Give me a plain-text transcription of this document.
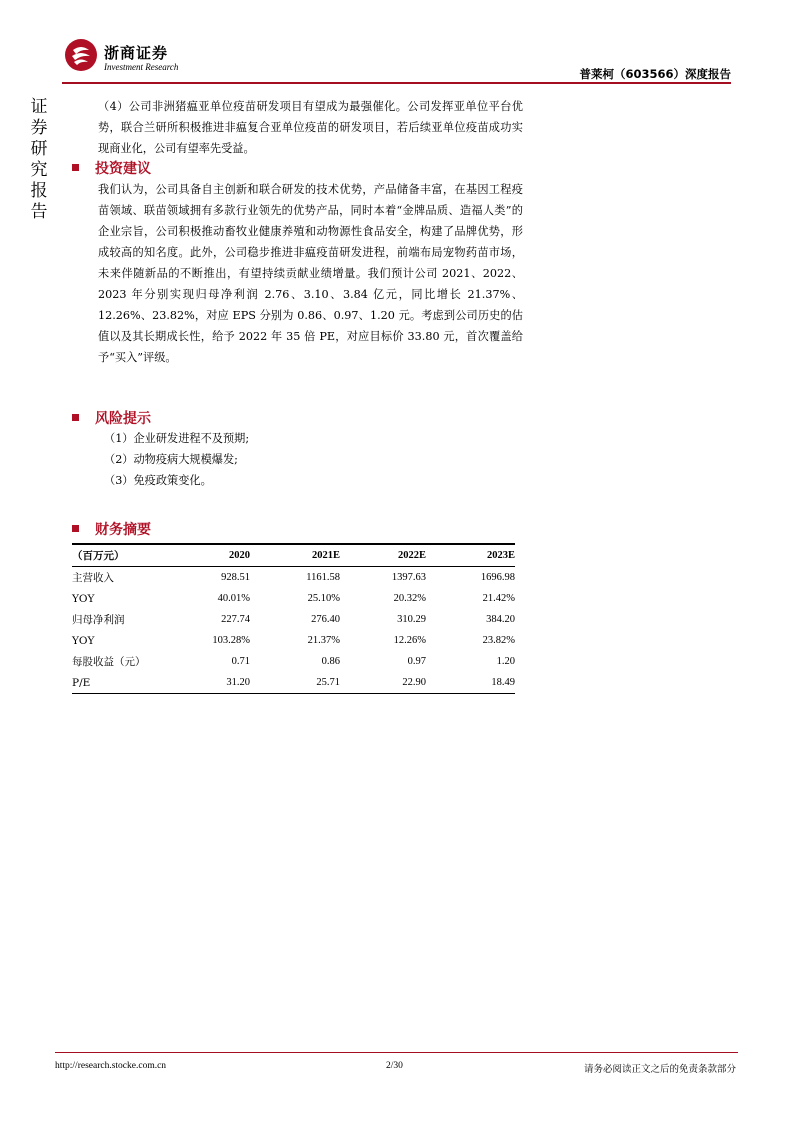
浙商证券
Investment Research	普莱柯（603566）深度报告
证
券
研
究
报
告
（4）公司非洲猪瘟亚单位疫苗研发项目有望成为最强催化。公司发挥亚单位平台优势，联合兰研所积极推进非瘟复合亚单位疫苗的研发项目，若后续亚单位疫苗成功实现商业化，公司有望率先受益。
投资建议
我们认为，公司具备自主创新和联合研发的技术优势，产品储备丰富，在基因工程疫苗领域、联苗领域拥有多款行业领先的优势产品，同时本着“金牌品质、造福人类”的企业宗旨，公司积极推动畜牧业健康养殖和动物源性食品安全，构建了品牌优势，形成较高的知名度。此外，公司稳步推进非瘟疫苗研发进程，前端布局宠物药苗市场，未来伴随新品的不断推出，有望持续贡献业绩增量。我们预计公司 2021、2022、2023 年分别实现归母净利润 2.76、3.10、3.84 亿元，同比增长 21.37%、12.26%、23.82%，对应 EPS 分别为 0.86、0.97、1.20 元。考虑到公司历史的估值以及其长期成长性，给予 2022 年 35 倍 PE，对应目标价 33.80 元，首次覆盖给予“买入”评级。
风险提示
（1）企业研发进程不及预期;
（2）动物疫病大规模爆发;
（3）免疫政策变化。
财务摘要
（百万元）	2020	2021E	2022E	2023E
主营收入	928.51	1161.58	1397.63	1696.98
YOY	40.01%	25.10%	20.32%	21.42%
归母净利润	227.74	276.40	310.29	384.20
YOY	103.28%	21.37%	12.26%	23.82%
每股收益（元）	0.71	0.86	0.97	1.20
P/E	31.20	25.71	22.90	18.49
http://research.stocke.com.cn	2/30	请务必阅读正文之后的免责条款部分
